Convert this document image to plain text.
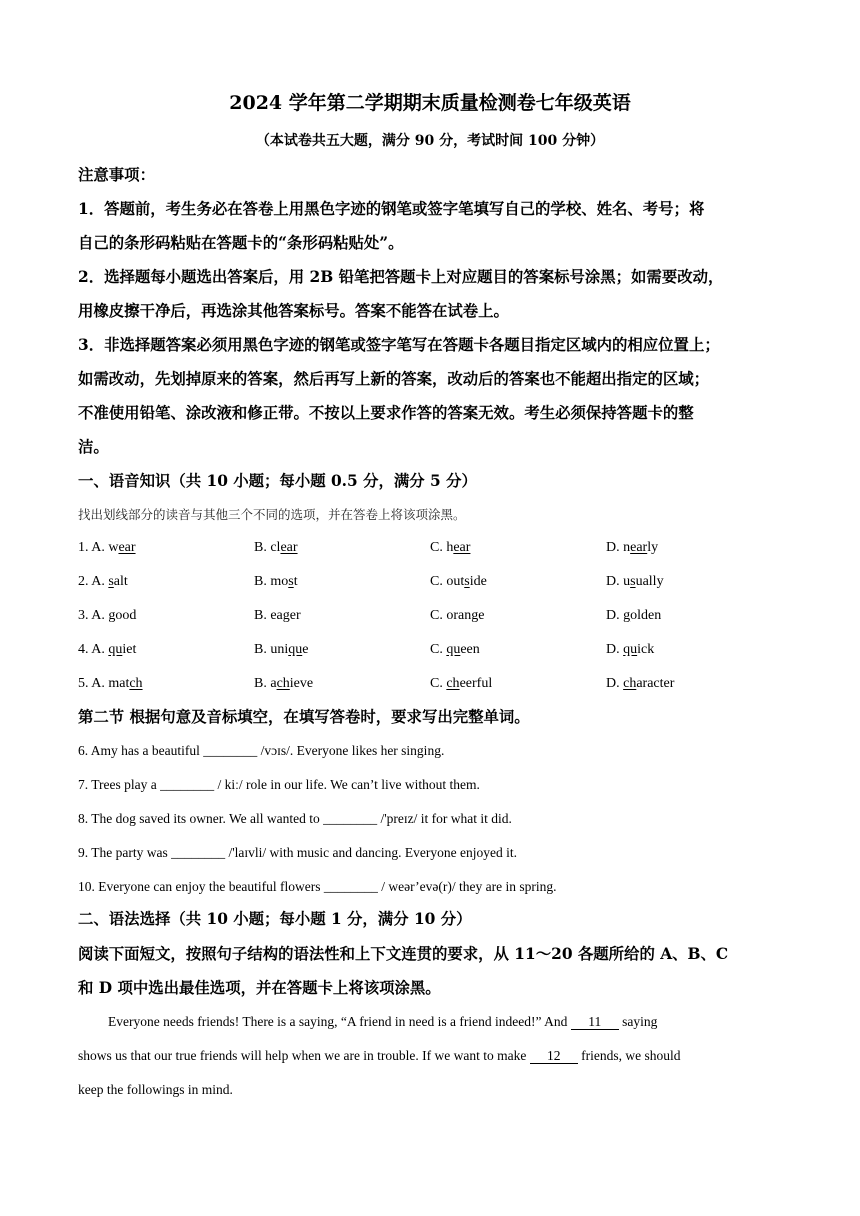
2024 学年第二学期期末质量检测卷七年级英语
（本试卷共五大题，满分 90 分，考试时间 100 分钟）
注意事项：
1．答题前，考生务必在答卷上用黑色字迹的钢笔或签字笔填写自己的学校、姓名、考号；将
自己的条形码粘贴在答题卡的“条形码粘贴处”。
2．选择题每小题选出答案后，用 2B 铅笔把答题卡上对应题目的答案标号涂黑；如需要改动，
用橡皮擦干净后，再选涂其他答案标号。答案不能答在试卷上。
3．非选择题答案必须用黑色字迹的钢笔或签字笔写在答题卡各题目指定区域内的相应位置上；
如需改动，先划掉原来的答案，然后再写上新的答案，改动后的答案也不能超出指定的区域；
不准使用铅笔、涂改液和修正带。不按以上要求作答的答案无效。考生必须保持答题卡的整
洁。
一、语音知识（共 10 小题；每小题 0.5 分，满分 5 分）
找出划线部分的读音与其他三个不同的选项，并在答卷上将该项涂黑。
1. A. wear	B. clear	C. hear	D. nearly
2. A. salt	B. most	C. outside	D. usually
3. A. good	B. eager	C. orange	D. golden
4. A. quiet	B. unique	C. queen	D. quick
5. A. match	B. achieve	C. cheerful	D. character
第二节 根据句意及音标填空，在填写答卷时，要求写出完整单词。
6. Amy has a beautiful ________ /vɔɪs/. Everyone likes her singing.
7. Trees play a ________ / kiː/ role in our life. We can’t live without them.
8. The dog saved its owner. We all wanted to ________ /'preɪz/ it for what it did.
9. The party was ________ /'laɪvli/ with music and dancing. Everyone enjoyed it.
10. Everyone can enjoy the beautiful flowers ________ / weər’evə(r)/ they are in spring.
二、语法选择（共 10 小题；每小题 1 分，满分 10 分）
阅读下面短文，按照句子结构的语法性和上下文连贯的要求，从 11～20 各题所给的 A、B、C
和 D 项中选出最佳选项，并在答题卡上将该项涂黑。
Everyone needs friends! There is a saying, “A friend in need is a friend indeed!” And 11 saying
shows us that our true friends will help when we are in trouble. If we want to make 12 friends, we should
keep the followings in mind.
